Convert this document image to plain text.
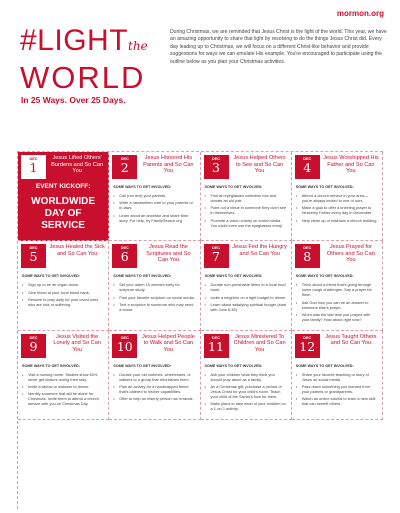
mormon.org
#LIGHTthe
WORLD
In 25 Ways. Over 25 Days.
During Christmas, we are reminded that Jesus Christ is the light of the world. This year, we have an amazing opportunity to share that light by resolving to do the things Jesus Christ did. Every day leading up to Christmas, we will focus on a different Christ-like behavior and provide suggestions for ways we can emulate His example. You're encouraged to participate using the outline below as you plan your Christmas activities.
DEC
1
Jesus Lifted Others' Burdens and So Can You
EVENT KICKOFF:
WORLDWIDE DAY OF SERVICE
DEC
2
Jesus Honored His Parents and So Can You
SOME WAYS TO GET INVOLVED:
• Call (not text) your parents.
• Write a handwritten note to your parents or in-laws.
• Learn about an ancestor and share their story. For help, try FamilySearch.org.
DEC
3
Jesus Helped Others to See and So Can You
SOME WAYS TO GET INVOLVED:
• Find an eyeglasses collection box and donate an old pair.
• Point out a virtue in someone they don't see in themselves.
• Promote a vision charity on social media. You could even use the eyeglasses emoji.
DEC
4
Jesus Worshipped His Father and So Can You
SOME WAYS TO GET INVOLVED:
• Attend a church service in your area—you're always invited to one of ours.
• Make a goal to offer a kneeling prayer to Heavenly Father every day in December.
• Help clean up or maintain a church building.
DEC
5
Jesus Healed the Sick and So Can You
SOME WAYS TO GET INVOLVED:
• Sign up to be an organ donor.
• Give blood at your local blood bank.
• Resolve to pray daily for your loved ones who are sick or suffering.
DEC
6
Jesus Read the Scriptures and So Can You
SOME WAYS TO GET INVOLVED:
• Set your alarm 15 minutes early for scripture study.
• Post your favorite scripture on social media.
• Text a scripture to someone who may need a boost.
DEC
7
Jesus Fed the Hungry and So Can You
SOME WAYS TO GET INVOLVED:
• Donate non-perishable items to a local food bank.
• Invite a neighbor on a tight budget to dinner.
• Learn about satisfying spiritual hunger (start with John 6:35).
DEC
8
Jesus Prayed for Others and So Can You
SOME WAYS TO GET INVOLVED:
• Think about a friend that's going through some rough challenges. Say a prayer for them.
• Ask God how you can be an answer to someone else's prayer.
• When was the last time you prayed with your family? How about right now?
DEC
9
Jesus Visited the Lonely and So Can You
SOME WAYS TO GET INVOLVED:
• Visit a nursing home. Studies show 60% never get visitors during their stay.
• Invite a widow or widower to dinner.
• Identify someone that will be alone for Christmas. Invite them to attend a church service with you on Christmas Day.
DEC
10
Jesus Helped People to Walk and So Can You
SOME WAYS TO GET INVOLVED:
• Donate your old crutches, wheelchairs, or walkers to a group that refurbishes them.
• Plan an activity for a handicapped friend that's catered to his/her capabilities.
• Offer to help an elderly person run errands.
DEC
11
Jesus Ministered To Children and So Can You
SOME WAYS TO GET INVOLVED:
• Ask your children what they think you should pray about as a family.
• As a Christmas gift, purchase a picture of Jesus Christ for your child's room. Teach your child of the Savior's love for them.
• Make plans to take each of your children on a 1-on-1 activity.
DEC
12
Jesus Taught Others and So Can You
SOME WAYS TO GET INVOLVED:
• Share your favorite teaching or story of Jesus on social media.
• Pass down something you learned from your parents or grandparents.
• Watch an online tutorial to learn a new skill that can benefit others.
